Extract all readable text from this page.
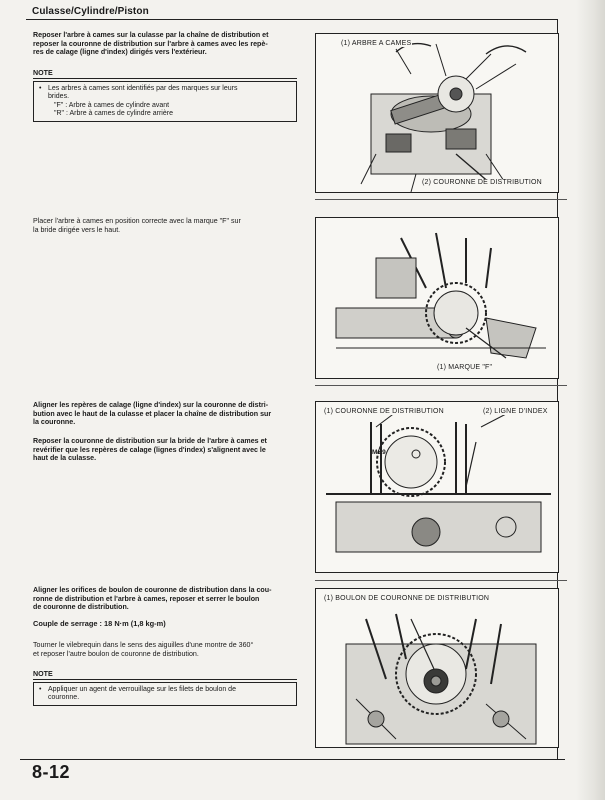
Culasse/Cylindre/Piston
Reposer l'arbre à cames sur la culasse par la chaîne de distribution et
reposer la couronne de distribution sur l'arbre à cames avec les repè-
res de calage (ligne d'index) dirigés vers l'extérieur.
NOTE
• Les arbres à cames sont identifiés par des marques sur leurs
brides.
"F" : Arbre à cames de cylindre avant
"R" : Arbre à cames de cylindre arrière
(1) ARBRE A CAMES
(2) COURONNE DE DISTRIBUTION
Placer l'arbre à cames en position correcte avec la marque "F" sur
la bride dirigée vers le haut.
(1) MARQUE "F"
Aligner les repères de calage (ligne d'index) sur la couronne de distri-
bution avec le haut de la culasse et placer la chaîne de distribution sur
la couronne.
Reposer la couronne de distribution sur la bride de l'arbre à cames et
revérifier que les repères de calage (lignes d'index) s'alignent avec le
haut de la culasse.
(1) COURONNE DE DISTRIBUTION	(2) LIGNE D'INDEX
ME9
Aligner les orifices de boulon de couronne de distribution dans la cou-
ronne de distribution et l'arbre à cames, reposer et serrer le boulon
de couronne de distribution.
Couple de serrage : 18 N·m (1,8 kg-m)
Tourner le vilebrequin dans le sens des aiguilles d'une montre de 360°
et reposer l'autre boulon de couronne de distribution.
NOTE
• Appliquer un agent de verrouillage sur les filets de boulon de
couronne.
(1) BOULON DE COURONNE DE DISTRIBUTION
8-12
